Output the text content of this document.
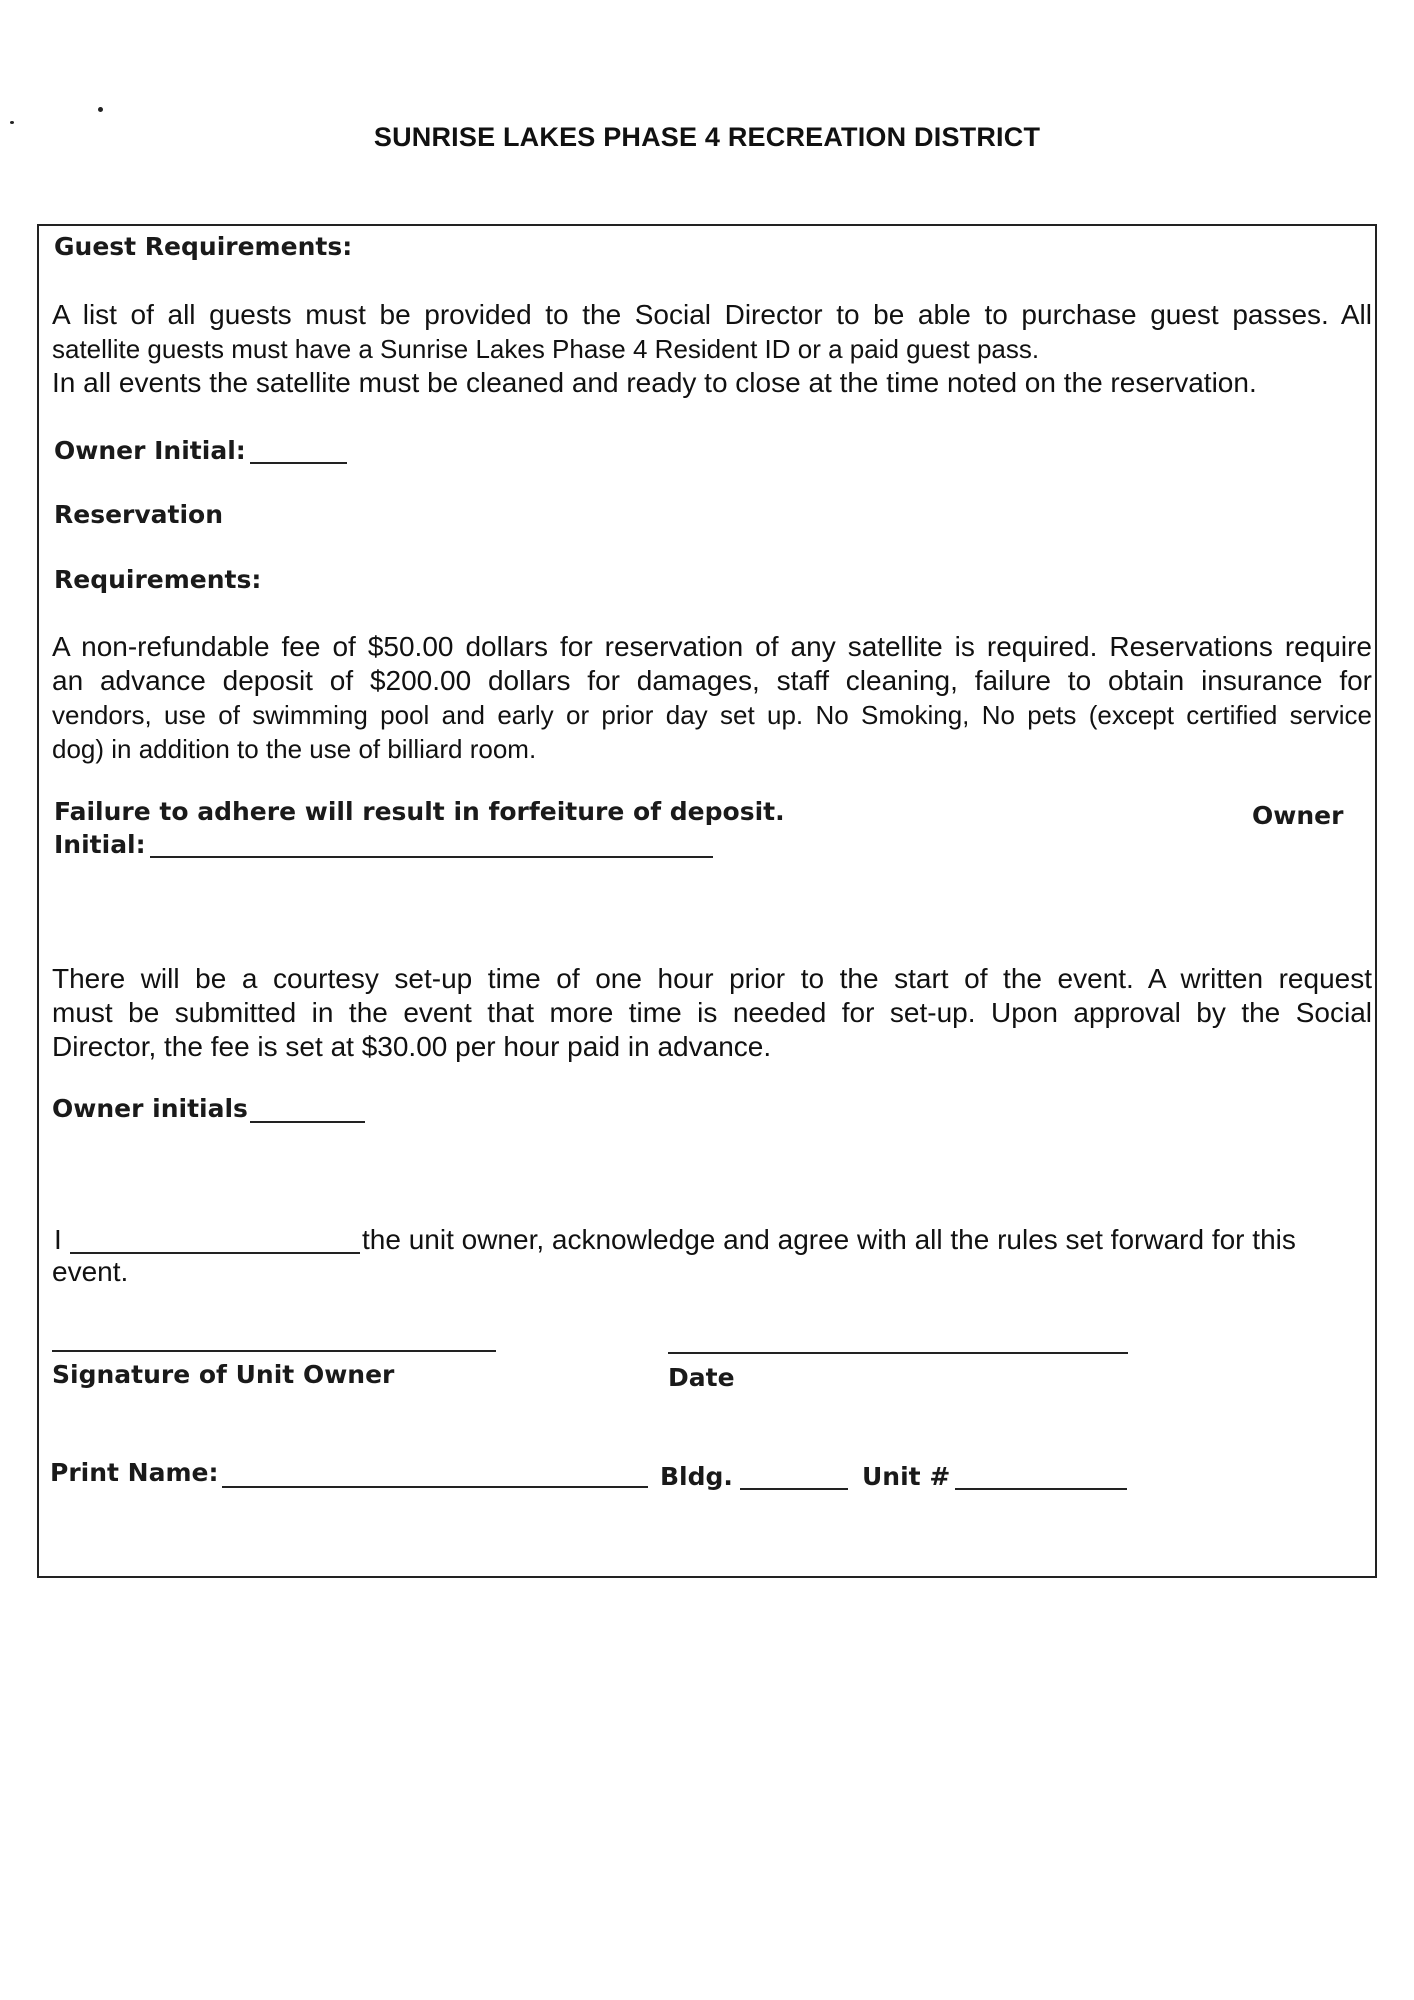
SUNRISE LAKES PHASE 4 RECREATION DISTRICT
Guest Requirements:
A list of all guests must be provided to the Social Director to be able to purchase guest passes. All
satellite guests must have a Sunrise Lakes Phase 4 Resident ID or a paid guest pass.
In all events the satellite must be cleaned and ready to close at the time noted on the reservation.
Owner Initial:
Reservation
Requirements:
A non-refundable fee of $50.00 dollars for reservation of any satellite is required. Reservations require
an advance deposit of $200.00 dollars for damages, staff cleaning, failure to obtain insurance for
vendors, use of swimming pool and early or prior day set up. No Smoking, No pets (except certified service
dog) in addition to the use of billiard room.
Failure to adhere will result in forfeiture of deposit.	Owner
Initial:
There will be a courtesy set-up time of one hour prior to the start of the event. A written request
must be submitted in the event that more time is needed for set-up. Upon approval by the Social
Director, the fee is set at $30.00 per hour paid in advance.
Owner initials
I	the unit owner, acknowledge and agree with all the rules set forward for this
event.
Signature of Unit Owner	Date
Print Name:	Bldg.	Unit #
